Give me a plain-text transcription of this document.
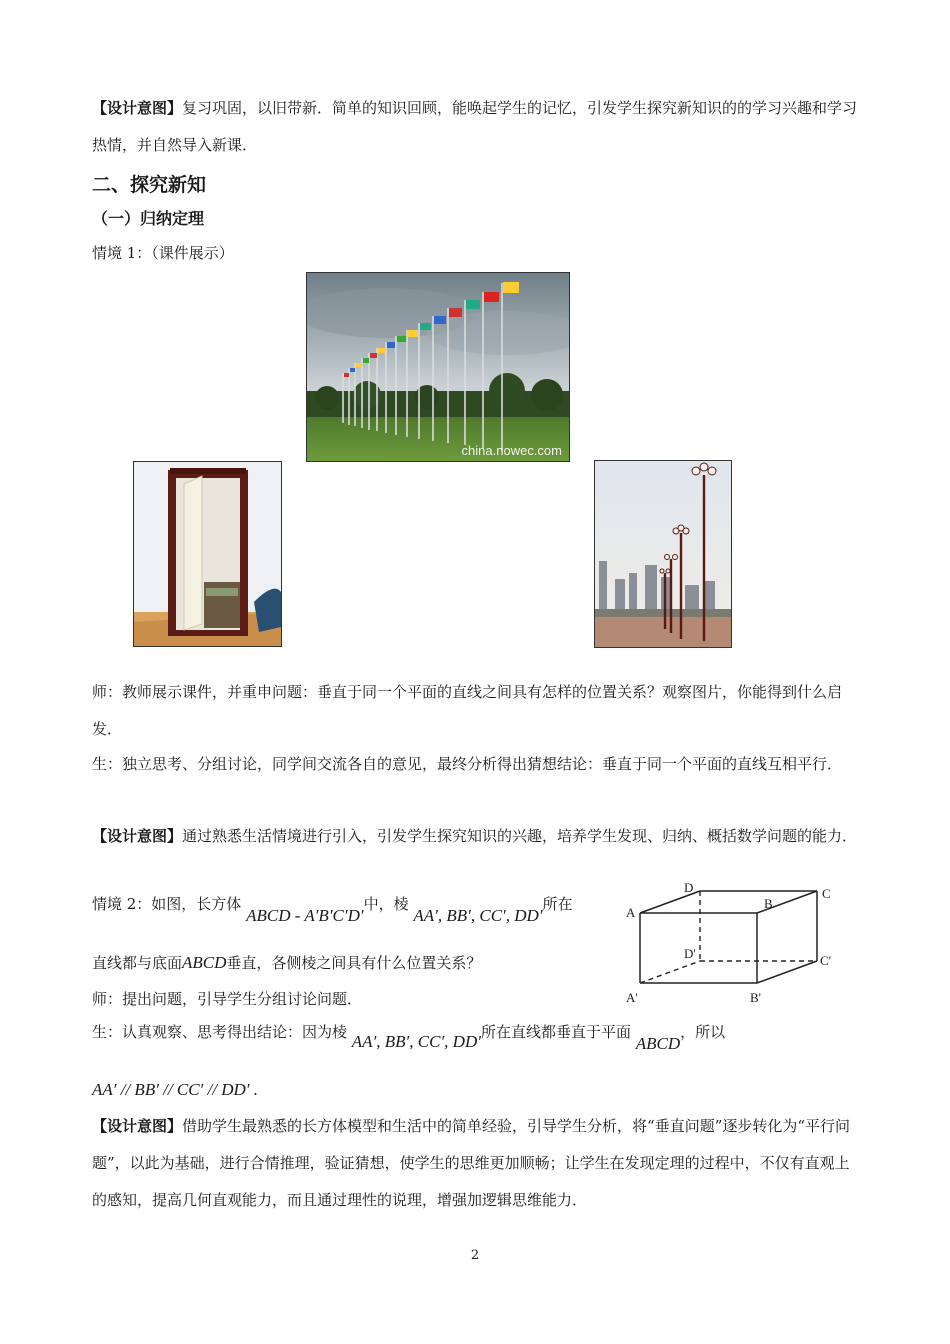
【设计意图】复习巩固，以旧带新．简单的知识回顾，能唤起学生的记忆，引发学生探究新知识的的学习兴趣和学习热情，并自然导入新课．
二、探究新知
（一）归纳定理
情境 1：（课件展示）
china.nowec.com
师：教师展示课件，并重申问题：垂直于同一个平面的直线之间具有怎样的位置关系？观察图片，你能得到什么启发．
生：独立思考、分组讨论，同学间交流各自的意见，最终分析得出猜想结论：垂直于同一个平面的直线互相平行．
【设计意图】通过熟悉生活情境进行引入，引发学生探究知识的兴趣，培养学生发现、归纳、概括数学问题的能力．
情境 2：如图，长方体 ABCD - A′B′C′D′中，棱 AA′, BB′, CC′, DD′所在
直线都与底面ABCD垂直，各侧棱之间具有什么位置关系？
A
B
C
D
A'	B'
C'
D'
师：提出问题，引导学生分组讨论问题．
生：认真观察、思考得出结论：因为棱 AA′, BB′, CC′, DD′所在直线都垂直于平面 ABCD，所以
AA′ // BB′ // CC′ // DD′ .
【设计意图】借助学生最熟悉的长方体模型和生活中的简单经验，引导学生分析，将“垂直问题”逐步转化为“平行问题”，以此为基础，进行合情推理，验证猜想，使学生的思维更加顺畅；让学生在发现定理的过程中，不仅有直观上的感知，提高几何直观能力，而且通过理性的说理，增强加逻辑思维能力．
2
